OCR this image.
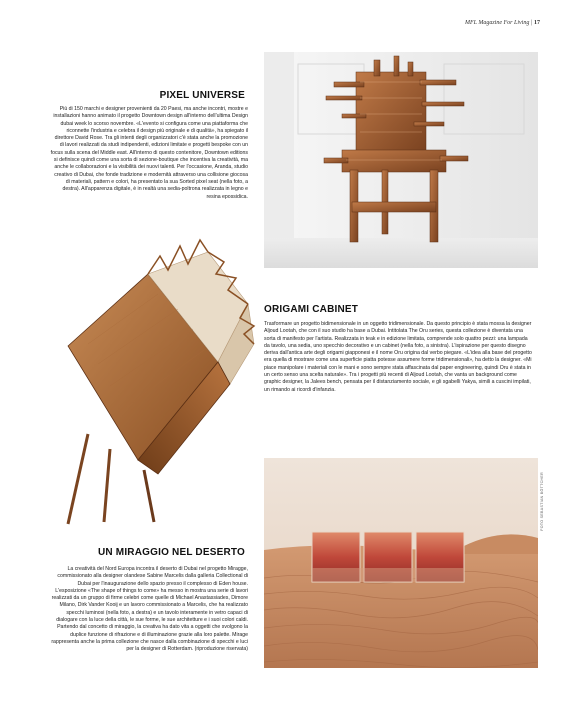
MFL Magazine For Living | 17
PIXEL UNIVERSE

Più di 150 marchi e designer provenienti da 20 Paesi, ma anche incontri, mostre e installazioni hanno animato il progetto Downtown design all'interno dell'ultima Design dubai week lo scorso novembre. «L'evento si configura come una piattaforma che riconnette l'industria e celebra il design più originale e di qualità», ha spiegato il direttore David Rose. Tra gli intenti degli organizzatori c'è stata anche la promozione di lavori realizzati da studi indipendenti, edizioni limitate e progetti bespoke con un focus sulla scena del Middle east. All'interno di questo contenitore, Downtown editions si definisce quindi come una sorta di sezione-boutique che incentiva la creatività, ma anche le collaborazioni e la visibilità dei nuovi talenti. Per l'occasione, Aranda, studio creativo di Dubai, che fonde tradizione e modernità attraverso una collisione giocosa di materiali, pattern e colori, ha presentato la sua Sorted pixel seat (nella foto, a destra). All'apparenza digitale, è in realtà una sedia-poltrona realizzata in legno e resina epossidica.

ORIGAMI CABINET

Trasformare un progetto bidimensionale in un oggetto tridimensionale. Da questo principio è stata mossa la designer Aljoud Lootah, che con il suo studio ha base a Dubai. Intitolata The Oru series, questa collezione è diventata una sorta di manifesto per l'artista. Realizzata in teak e in edizione limitata, comprende solo quattro pezzi: una lampada da tavolo, una sedia, uno specchio decorativo e un cabinet (nella foto, a sinistra). L'ispirazione per questo disegno deriva dall'antica arte degli origami giapponesi e il nome Oru origina dal verbo piegare. «L'idea alla base del progetto era quella di mostrare come una superficie piatta potesse assumere forme tridimensionali», ha detto la designer. «Mi piace manipolare i materiali con le mani e sono sempre stata affascinata dal paper engineering, quindi Oru è stata in un certo senso una scelta naturale». Tra i progetti più recenti di Aljoud Lootah, che vanta un background come graphic designer, la Jalees bench, pensata per il distanziamento sociale, e gli sgabelli Yakya, simili a cuscini impilati, un rimando ai ricordi d'infanzia.

FOTO SEBASTIAN BÖTTCHER
UN MIRAGGIO NEL DESERTO

La creatività del Nord Europa incontra il deserto di Dubai nel progetto Miragge, commissionato alla designer olandese Sabine Marcelis dalla galleria Collectional di Dubai per l'inaugurazione dello spazio presso il complesso di Eden house. L'esposizione «The shape of things to come» ha messo in mostra una serie di lavori realizzati da un gruppo di firme celebri come quelle di Michael Anastassiades, Dimore Milano, Dirk Vander Kooij e un lavoro commissionato a Marcelis, che ha realizzato specchi luminosi (nella foto, a destra) e un tavolo interamente in vetro capaci di dialogare con la luce della città, le sue forme, le sue architetture e i suoi colori caldi. Partendo dal concetto di miraggio, la creativa ha dato vita a oggetti che svolgono la duplice funzione di rifrazione e di illuminazione grazie alla loro palette. Mirage rappresenta anche la prima collezione che nasce dalla combinazione di specchi e luci per la designer di Rotterdam. (riproduzione riservata)
